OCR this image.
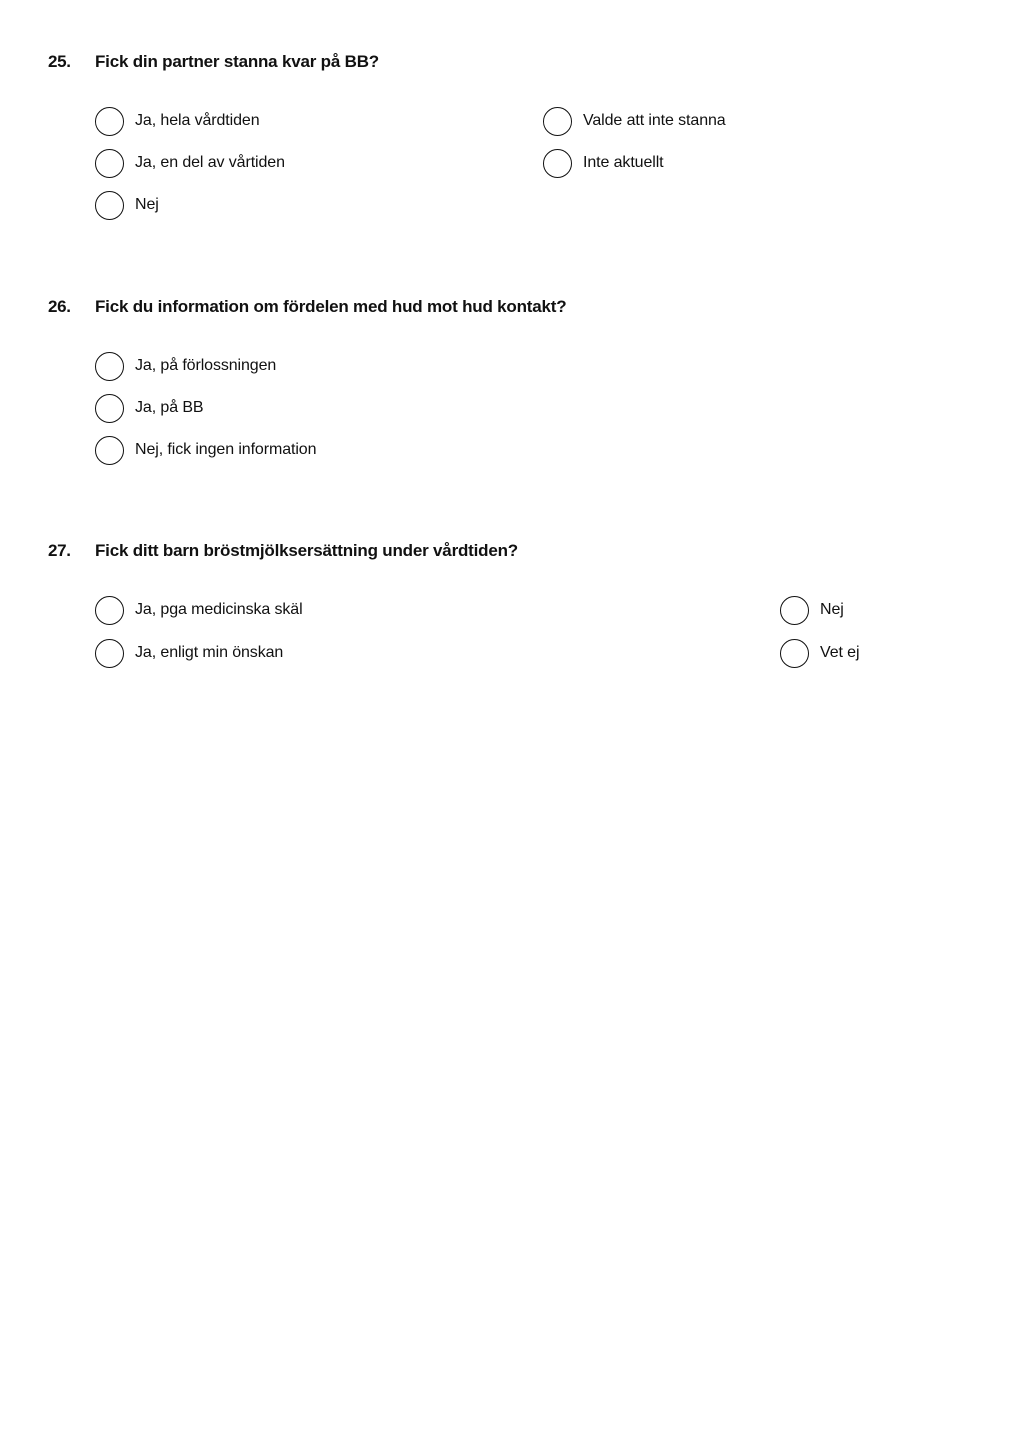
25. Fick din partner stanna kvar på BB?
Ja, hela vårdtiden
Ja, en del av vårtiden
Nej
Valde att inte stanna
Inte aktuellt
26. Fick du information om fördelen med hud mot hud kontakt?
Ja, på förlossningen
Ja, på BB
Nej, fick ingen information
27. Fick ditt barn bröstmjölksersättning under vårdtiden?
Ja, pga medicinska skäl
Ja, enligt min önskan
Nej
Vet ej
